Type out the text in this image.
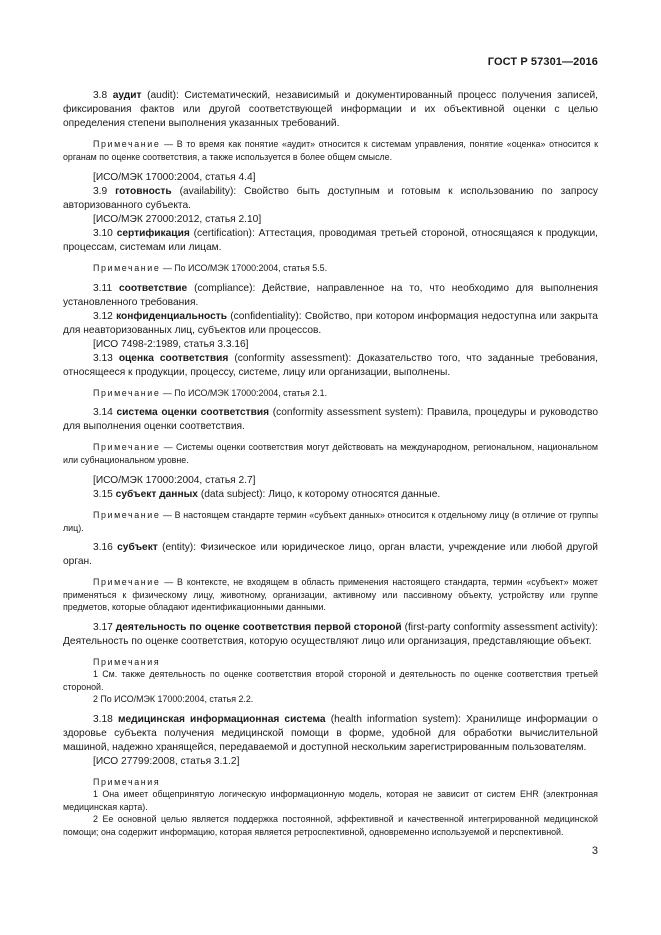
ГОСТ Р 57301—2016

3.8 аудит (audit): Систематический, независимый и документированный процесс получения записей, фиксирования фактов или другой соответствующей информации и их объективной оценки с целью определения степени выполнения указанных требований.

Примечание — В то время как понятие «аудит» относится к системам управления, понятие «оценка» относится к органам по оценке соответствия, а также используется в более общем смысле.

[ИСО/МЭК 17000:2004, статья 4.4]

3.9 готовность (availability): Свойство быть доступным и готовым к использованию по запросу авторизованного субъекта.

[ИСО/МЭК 27000:2012, статья 2.10]

3.10 сертификация (certification): Аттестация, проводимая третьей стороной, относящаяся к продукции, процессам, системам или лицам.

Примечание — По ИСО/МЭК 17000:2004, статья 5.5.

3.11 соответствие (compliance): Действие, направленное на то, что необходимо для выполнения установленного требования.

3.12 конфиденциальность (confidentiality): Свойство, при котором информация недоступна или закрыта для неавторизованных лиц, субъектов или процессов.

[ИСО 7498-2:1989, статья 3.3.16]

3.13 оценка соответствия (conformity assessment): Доказательство того, что заданные требования, относящееся к продукции, процессу, системе, лицу или организации, выполнены.

Примечание — По ИСО/МЭК 17000:2004, статья 2.1.

3.14 система оценки соответствия (conformity assessment system): Правила, процедуры и руководство для выполнения оценки соответствия.

Примечание — Системы оценки соответствия могут действовать на международном, региональном, национальном или субнациональном уровне.

[ИСО/МЭК 17000:2004, статья 2.7]

3.15 субъект данных (data subject): Лицо, к которому относятся данные.

Примечание — В настоящем стандарте термин «субъект данных» относится к отдельному лицу (в отличие от группы лиц).

3.16 субъект (entity): Физическое или юридическое лицо, орган власти, учреждение или любой другой орган.

Примечание — В контексте, не входящем в область применения настоящего стандарта, термин «субъект» может применяться к физическому лицу, животному, организации, активному или пассивному объекту, устройству или группе предметов, которые обладают идентификационными данными.

3.17 деятельность по оценке соответствия первой стороной (first-party conformity assessment activity): Деятельность по оценке соответствия, которую осуществляют лицо или организация, представляющие объект.

Примечания

1 См. также деятельность по оценке соответствия второй стороной и деятельность по оценке соответствия третьей стороной.

2 По ИСО/МЭК 17000:2004, статья 2.2.

3.18 медицинская информационная система (health information system): Хранилище информации о здоровье субъекта получения медицинской помощи в форме, удобной для обработки вычислительной машиной, надежно хранящейся, передаваемой и доступной нескольким зарегистрированным пользователям.

[ИСО 27799:2008, статья 3.1.2]

Примечания

1 Она имеет общепринятую логическую информационную модель, которая не зависит от систем EHR (электронная медицинская карта).

2 Ее основной целью является поддержка постоянной, эффективной и качественной интегрированной медицинской помощи; она содержит информацию, которая является ретроспективной, одновременно используемой и перспективной.

3
